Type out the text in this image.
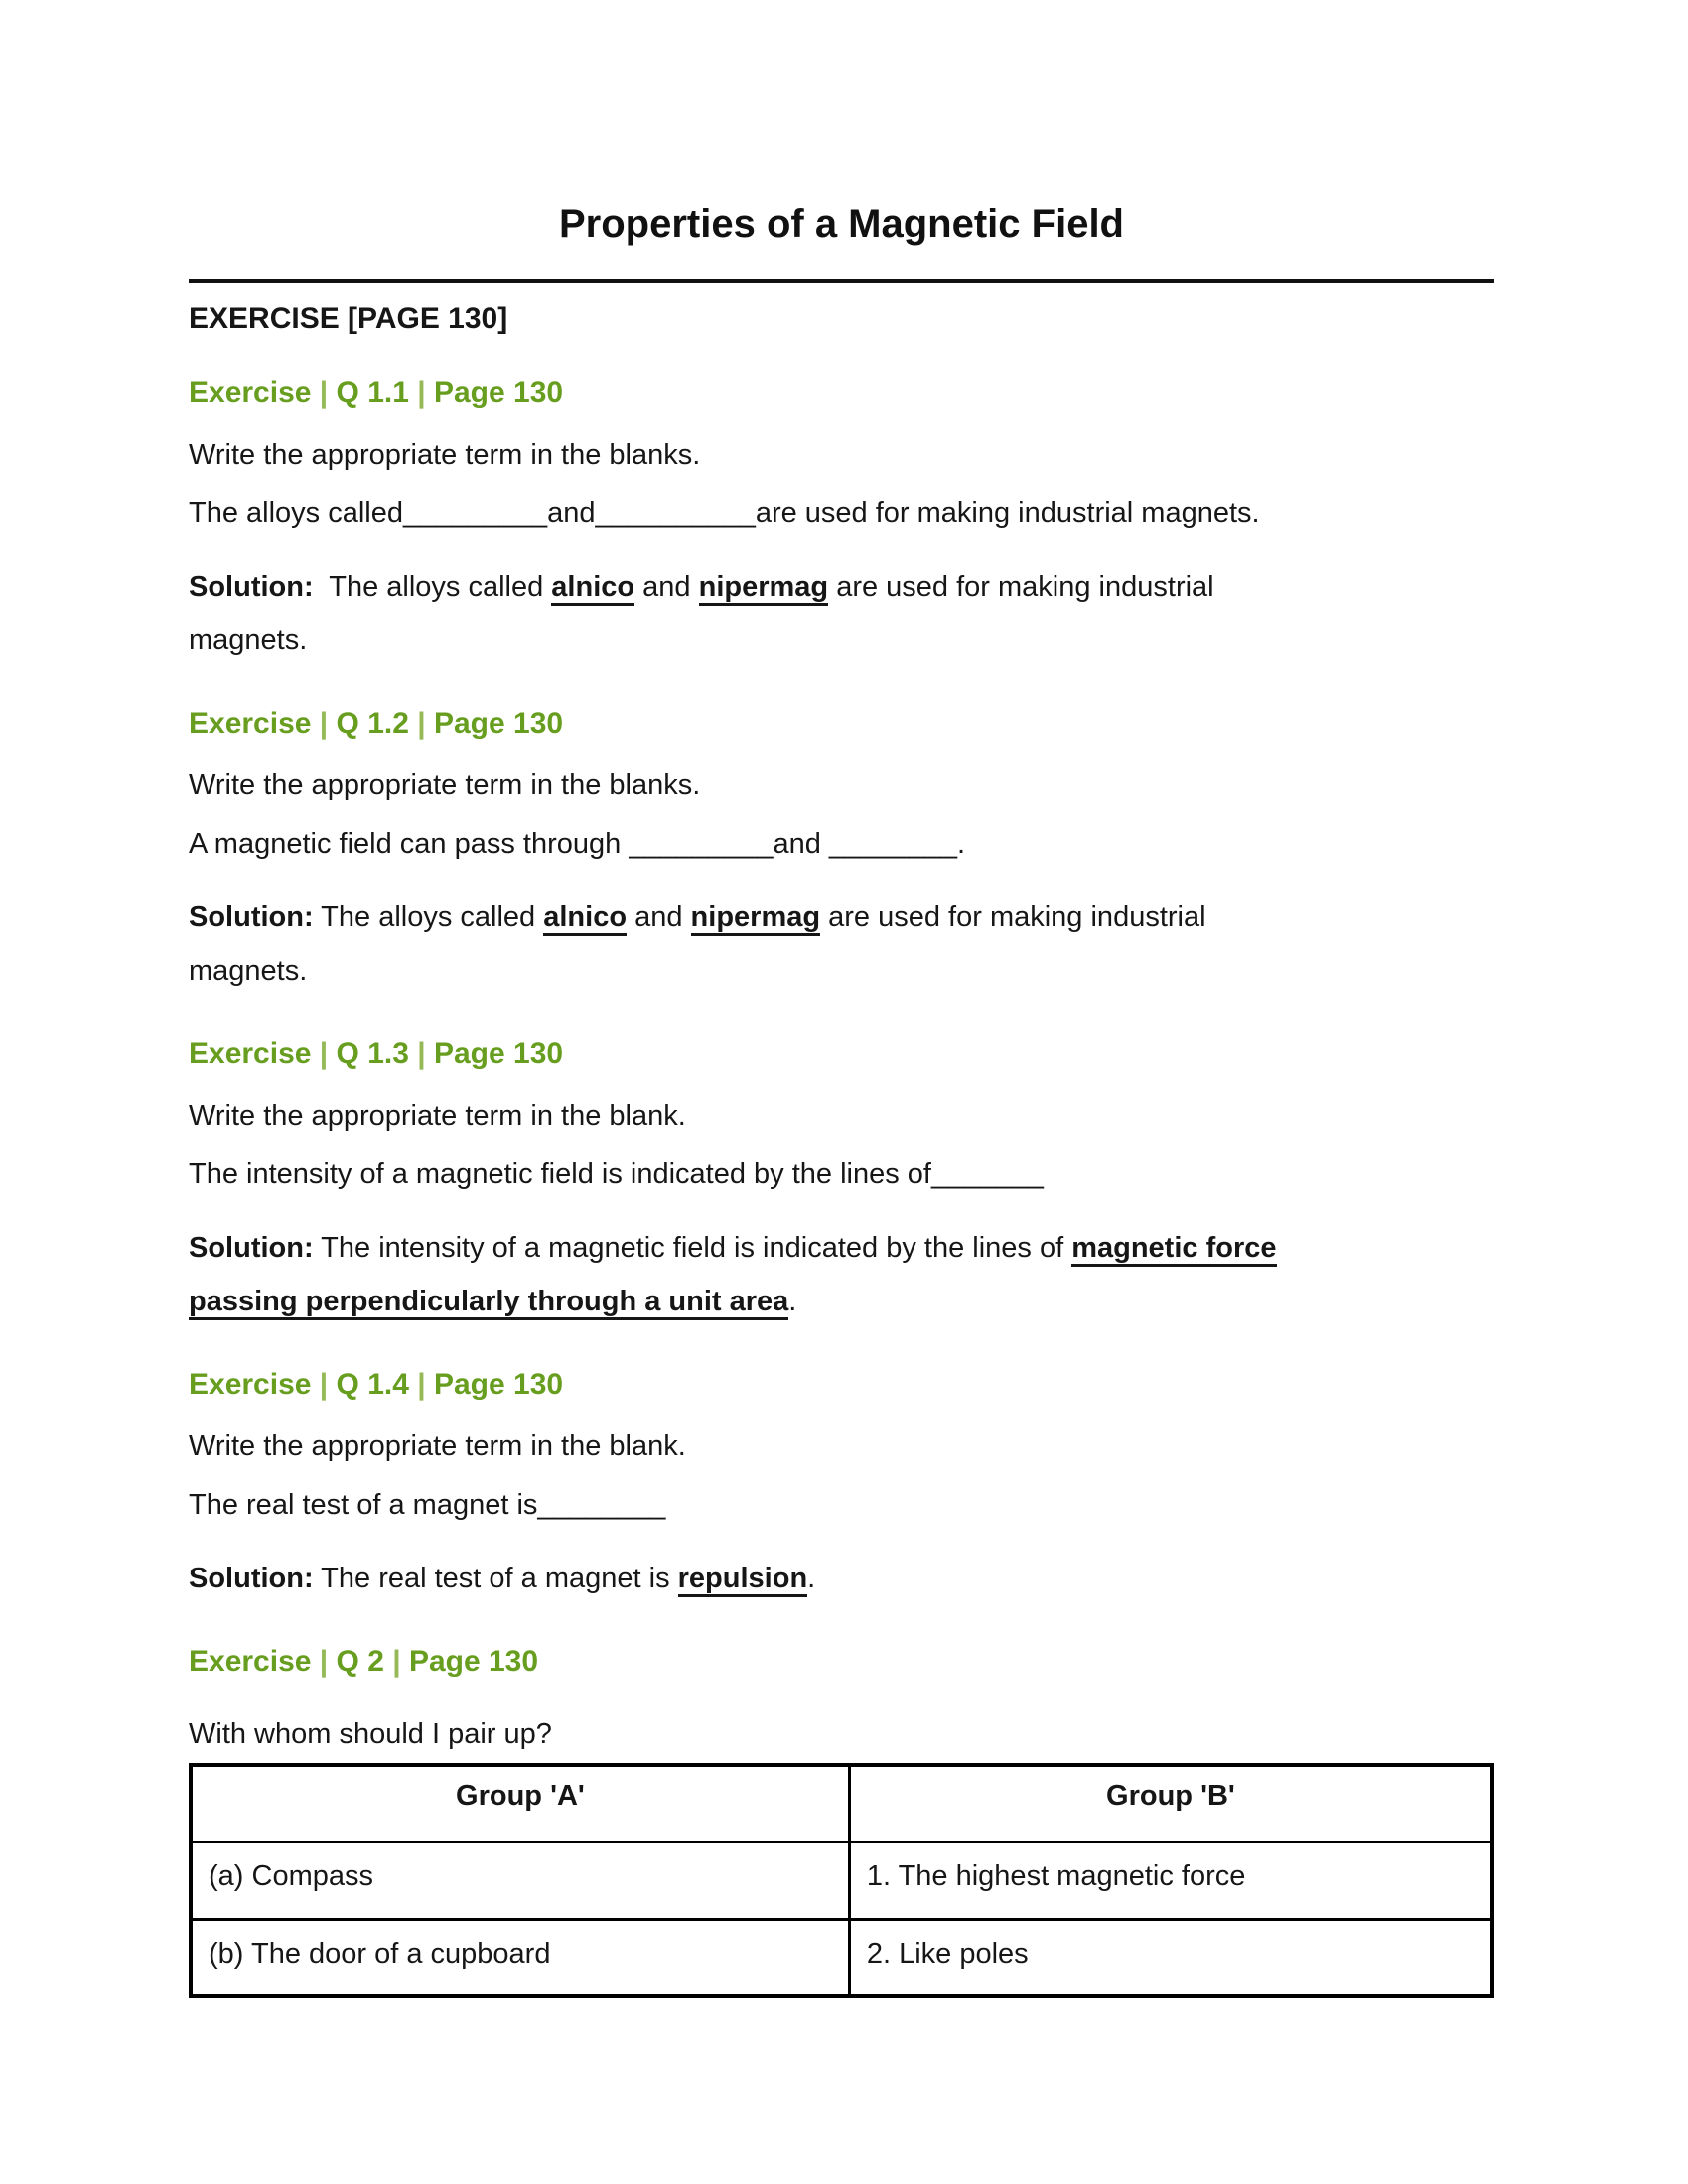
Properties of a Magnetic Field
EXERCISE [PAGE 130]
Exercise | Q 1.1 | Page 130

Write the appropriate term in the blanks.

The alloys called_________and__________are used for making industrial magnets.

Solution:  The alloys called alnico and nipermag are used for making industrial
magnets.

Exercise | Q 1.2 | Page 130

Write the appropriate term in the blanks.

A magnetic field can pass through _________and ________.

Solution: The alloys called alnico and nipermag are used for making industrial
magnets.

Exercise | Q 1.3 | Page 130

Write the appropriate term in the blank.

The intensity of a magnetic field is indicated by the lines of_______

Solution: The intensity of a magnetic field is indicated by the lines of magnetic force
passing perpendicularly through a unit area.

Exercise | Q 1.4 | Page 130

Write the appropriate term in the blank.

The real test of a magnet is________

Solution: The real test of a magnet is repulsion.

Exercise | Q 2 | Page 130

With whom should I pair up?

Group 'A'	Group 'B'
(a) Compass	1. The highest magnetic force
(b) The door of a cupboard	2. Like poles
